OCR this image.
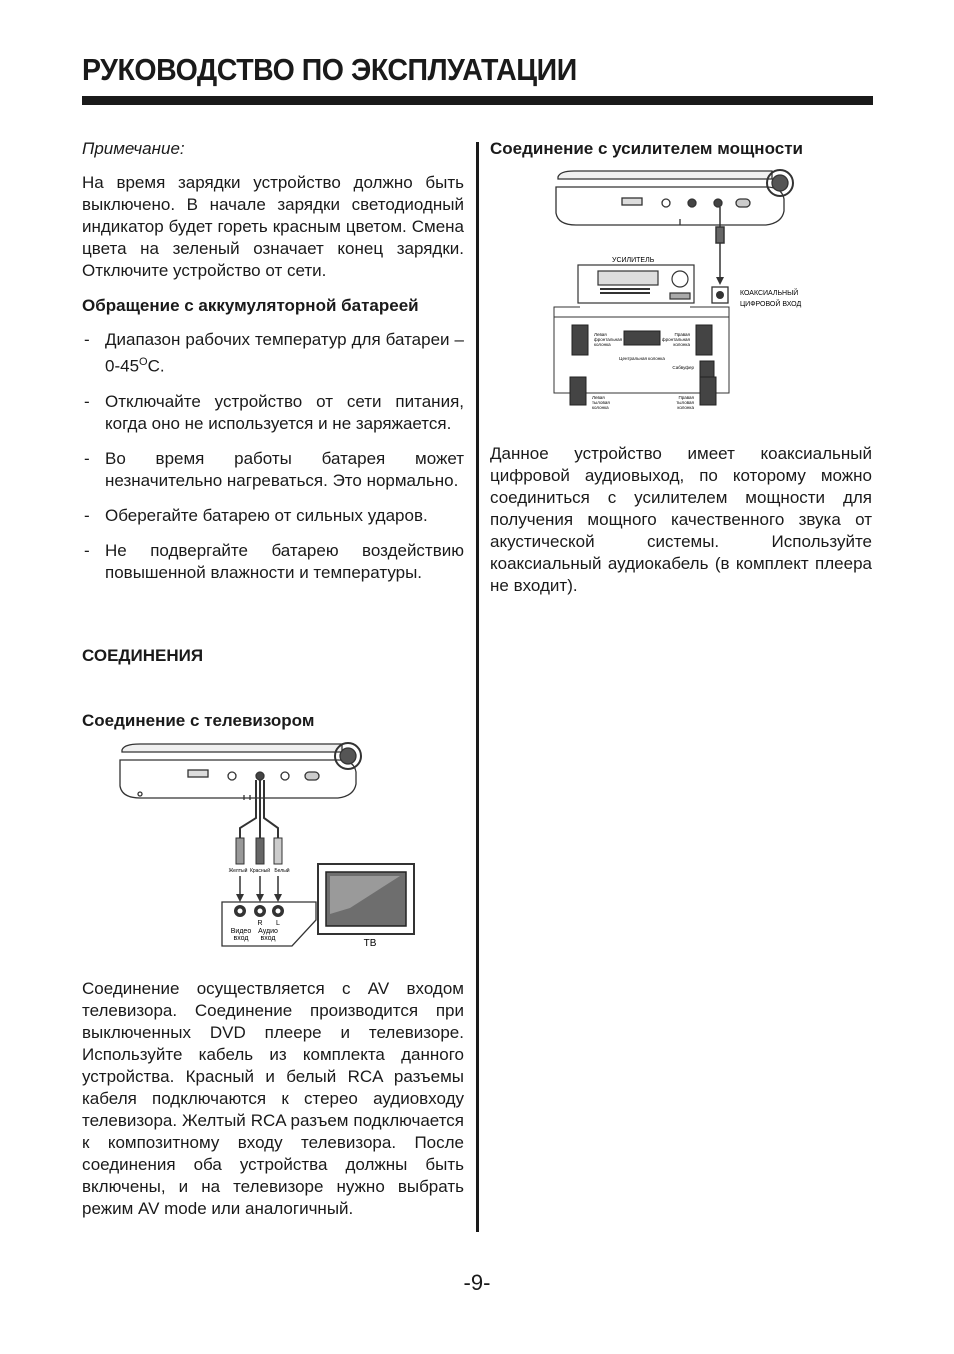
РУКОВОДСТВО ПО ЭКСПЛУАТАЦИИ

Примечание:

На время зарядки устройство должно быть выключено. В начале зарядки светодиодный индикатор будет гореть красным цветом. Смена цвета на зеленый означает конец зарядки. Отключите устройство от сети.

Обращение с аккумуляторной батареей

- Диапазон рабочих температур для батареи – $0-45^OC$.
- Отключайте устройство от сети питания, когда оно не используется и не заряжается.
- Во время работы батарея может незначительно нагреваться. Это нормально.
- Оберегайте батарею от сильных ударов.
- Не подвергайте батарею воздействию повышенной влажности и температуры.
СОЕДИНЕНИЯ
Соединение с телевизором
Желтый Красный Белый
R L
Видео
вход
Аудио
вход	ТВ
Соединение осуществляется с AV входом телевизора. Соединение производится при выключенных DVD плеере и телевизоре. Используйте кабель из комплекта данного устройства. Красный и белый RCA разъемы кабеля подключаются к стерео аудиовходу телевизора. Желтый RCA разъем подключается к композитному входу телевизора. После соединения оба устройства должны быть включены, и на телевизоре нужно выбрать режим AV mode или аналогичный.
Соединение с усилителем мощности
УСИЛИТЕЛЬ
КОАКСИАЛЬНЫЙ
ЦИФРОВОЙ ВХОД
Левая
фронтальная
колонка
Центральная колонка
Правая
фронтальная
колонка
Сабвуфер
Левая
тыловая
колонка
Правая
тыловая
колонка
Данное устройство имеет коаксиальный цифровой аудиовыход, по которому можно соединиться с усилителем мощности для получения мощного качественного звука от акустической системы. Используйте коаксиальный аудиокабель (в комплект плеера не входит).
-9-
